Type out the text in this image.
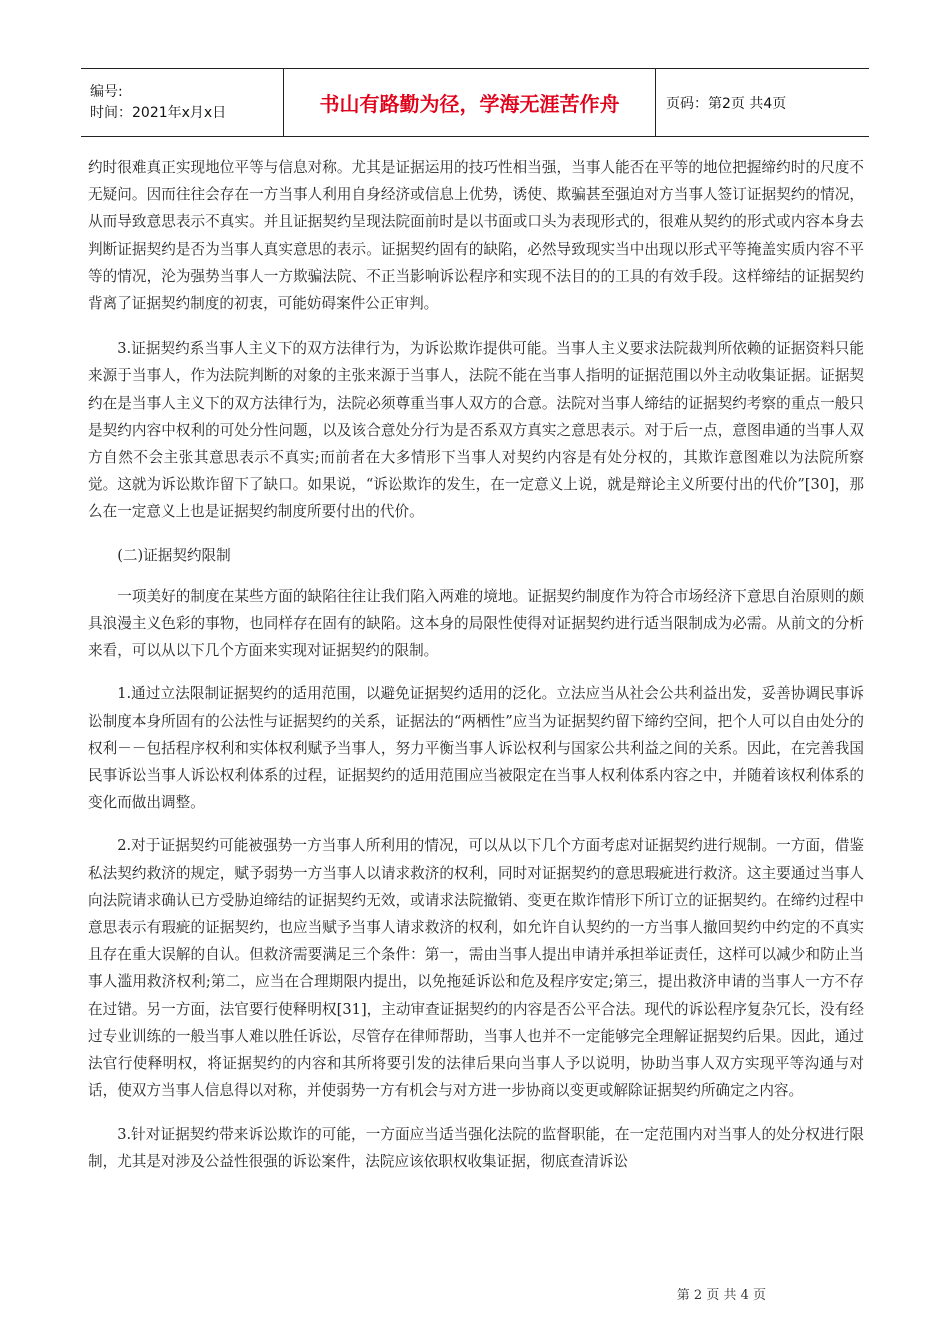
编号:
时间：2021年x月x日	书山有路勤为径，学海无涯苦作舟	页码：第2页 共4页

约时很难真正实现地位平等与信息对称。尤其是证据运用的技巧性相当强，当事人能否在平等的地位把握缔约时的尺度不无疑问。因而往往会存在一方当事人利用自身经济或信息上优势，诱使、欺骗甚至强迫对方当事人签订证据契约的情况，从而导致意思表示不真实。并且证据契约呈现法院面前时是以书面或口头为表现形式的，很难从契约的形式或内容本身去判断证据契约是否为当事人真实意思的表示。证据契约固有的缺陷，必然导致现实当中出现以形式平等掩盖实质内容不平等的情况，沦为强势当事人一方欺骗法院、不正当影响诉讼程序和实现不法目的的工具的有效手段。这样缔结的证据契约背离了证据契约制度的初衷，可能妨碍案件公正审判。

3.证据契约系当事人主义下的双方法律行为，为诉讼欺诈提供可能。当事人主义要求法院裁判所依赖的证据资料只能来源于当事人，作为法院判断的对象的主张来源于当事人，法院不能在当事人指明的证据范围以外主动收集证据。证据契约在是当事人主义下的双方法律行为，法院必须尊重当事人双方的合意。法院对当事人缔结的证据契约考察的重点一般只是契约内容中权利的可处分性问题，以及该合意处分行为是否系双方真实之意思表示。对于后一点，意图串通的当事人双方自然不会主张其意思表示不真实;而前者在大多情形下当事人对契约内容是有处分权的，其欺诈意图难以为法院所察觉。这就为诉讼欺诈留下了缺口。如果说，“诉讼欺诈的发生，在一定意义上说，就是辩论主义所要付出的代价”[30]，那么在一定意义上也是证据契约制度所要付出的代价。

(二)证据契约限制

一项美好的制度在某些方面的缺陷往往让我们陷入两难的境地。证据契约制度作为符合市场经济下意思自治原则的颇具浪漫主义色彩的事物，也同样存在固有的缺陷。这本身的局限性使得对证据契约进行适当限制成为必需。从前文的分析来看，可以从以下几个方面来实现对证据契约的限制。

1.通过立法限制证据契约的适用范围，以避免证据契约适用的泛化。立法应当从社会公共利益出发，妥善协调民事诉讼制度本身所固有的公法性与证据契约的关系，证据法的“两栖性”应当为证据契约留下缔约空间，把个人可以自由处分的权利－－包括程序权利和实体权利赋予当事人，努力平衡当事人诉讼权利与国家公共利益之间的关系。因此，在完善我国民事诉讼当事人诉讼权利体系的过程，证据契约的适用范围应当被限定在当事人权利体系内容之中，并随着该权利体系的变化而做出调整。

2.对于证据契约可能被强势一方当事人所利用的情况，可以从以下几个方面考虑对证据契约进行规制。一方面，借鉴私法契约救济的规定，赋予弱势一方当事人以请求救济的权利，同时对证据契约的意思瑕疵进行救济。这主要通过当事人向法院请求确认已方受胁迫缔结的证据契约无效，或请求法院撤销、变更在欺诈情形下所订立的证据契约。在缔约过程中意思表示有瑕疵的证据契约，也应当赋予当事人请求救济的权利，如允许自认契约的一方当事人撤回契约中约定的不真实且存在重大误解的自认。但救济需要满足三个条件：第一，需由当事人提出申请并承担举证责任，这样可以减少和防止当事人滥用救济权利;第二，应当在合理期限内提出，以免拖延诉讼和危及程序安定;第三，提出救济申请的当事人一方不存在过错。另一方面，法官要行使释明权[31]，主动审查证据契约的内容是否公平合法。现代的诉讼程序复杂冗长，没有经过专业训练的一般当事人难以胜任诉讼，尽管存在律师帮助，当事人也并不一定能够完全理解证据契约后果。因此，通过法官行使释明权，将证据契约的内容和其所将要引发的法律后果向当事人予以说明，协助当事人双方实现平等沟通与对话，使双方当事人信息得以对称，并使弱势一方有机会与对方进一步协商以变更或解除证据契约所确定之内容。

3.针对证据契约带来诉讼欺诈的可能，一方面应当适当强化法院的监督职能，在一定范围内对当事人的处分权进行限制，尤其是对涉及公益性很强的诉讼案件，法院应该依职权收集证据，彻底查清诉讼

第 2 页 共 4 页
